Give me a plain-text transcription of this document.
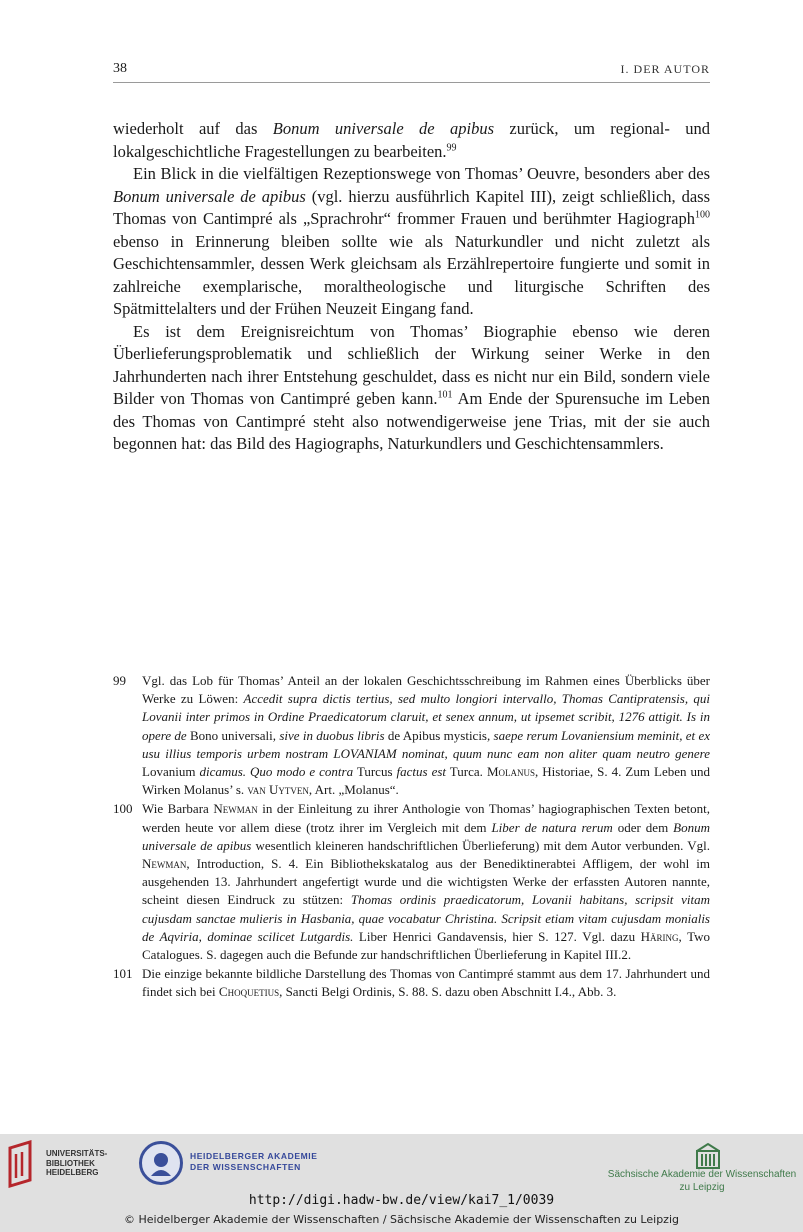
38	I. DER AUTOR

wiederholt auf das Bonum universale de apibus zurück, um regional- und lokalgeschichtliche Fragestellungen zu bearbeiten.$^{99}$

Ein Blick in die vielfältigen Rezeptionswege von Thomas’ Oeuvre, besonders aber des Bonum universale de apibus (vgl. hierzu ausführlich Kapitel III), zeigt schließlich, dass Thomas von Cantimpré als „Sprachrohr“ frommer Frauen und berühmter Hagiograph$^{100}$ ebenso in Erinnerung bleiben sollte wie als Naturkundler und nicht zuletzt als Geschichtensammler, dessen Werk gleichsam als Erzählrepertoire fungierte und somit in zahlreiche exemplarische, moraltheologische und liturgische Schriften des Spätmittelalters und der Frühen Neuzeit Eingang fand.

Es ist dem Ereignisreichtum von Thomas’ Biographie ebenso wie deren Überlieferungsproblematik und schließlich der Wirkung seiner Werke in den Jahrhunderten nach ihrer Entstehung geschuldet, dass es nicht nur ein Bild, sondern viele Bilder von Thomas von Cantimpré geben kann.$^{101}$ Am Ende der Spurensuche im Leben des Thomas von Cantimpré steht also notwendigerweise jene Trias, mit der sie auch begonnen hat: das Bild des Hagiographs, Naturkundlers und Geschichtensammlers.

99 Vgl. das Lob für Thomas’ Anteil an der lokalen Geschichtsschreibung im Rahmen eines Überblicks über Werke zu Löwen: Accedit supra dictis tertius, sed multo longiori intervallo, Thomas Cantipratensis, qui Lovanii inter primos in Ordine Praedicatorum claruit, et senex annum, ut ipsemet scribit, 1276 attigit. Is in opere de Bono universali, sive in duobus libris de Apibus mysticis, saepe rerum Lovaniensium meminit, et ex usu illius temporis urbem nostram LOVANIAM nominat, quum nunc eam non aliter quam neutro genere Lovanium dicamus. Quo modo e contra Turcus factus est Turca. Molanus, Historiae, S. 4. Zum Leben und Wirken Molanus’ s. van Uytven, Art. „Molanus“.
100 Wie Barbara Newman in der Einleitung zu ihrer Anthologie von Thomas’ hagiographischen Texten betont, werden heute vor allem diese (trotz ihrer im Vergleich mit dem Liber de natura rerum oder dem Bonum universale de apibus wesentlich kleineren handschriftlichen Überlieferung) mit dem Autor verbunden. Vgl. Newman, Introduction, S. 4. Ein Bibliothekskatalog aus der Benediktinerabtei Affligem, der wohl im ausgehenden 13. Jahrhundert angefertigt wurde und die wichtigsten Werke der erfassten Autoren nannte, scheint diesen Eindruck zu stützen: Thomas ordinis praedicatorum, Lovanii habitans, scripsit vitam cujusdam sanctae mulieris in Hasbania, quae vocabatur Christina. Scripsit etiam vitam cujusdam monialis de Aqviria, dominae scilicet Lutgardis. Liber Henrici Gandavensis, hier S. 127. Vgl. dazu Häring, Two Catalogues. S. dagegen auch die Befunde zur handschriftlichen Überlieferung in Kapitel III.2.
101 Die einzige bekannte bildliche Darstellung des Thomas von Cantimpré stammt aus dem 17. Jahrhundert und findet sich bei Choquetius, Sancti Belgi Ordinis, S. 88. S. dazu oben Abschnitt I.4., Abb. 3.
UNIVERSITÄTS-
BIBLIOTHEK
HEIDELBERG
HEIDELBERGER AKADEMIE
DER WISSENSCHAFTEN
Sächsische Akademie der Wissenschaften
zu Leipzig
http://digi.hadw-bw.de/view/kai7_1/0039
© Heidelberger Akademie der Wissenschaften / Sächsische Akademie der Wissenschaften zu Leipzig
